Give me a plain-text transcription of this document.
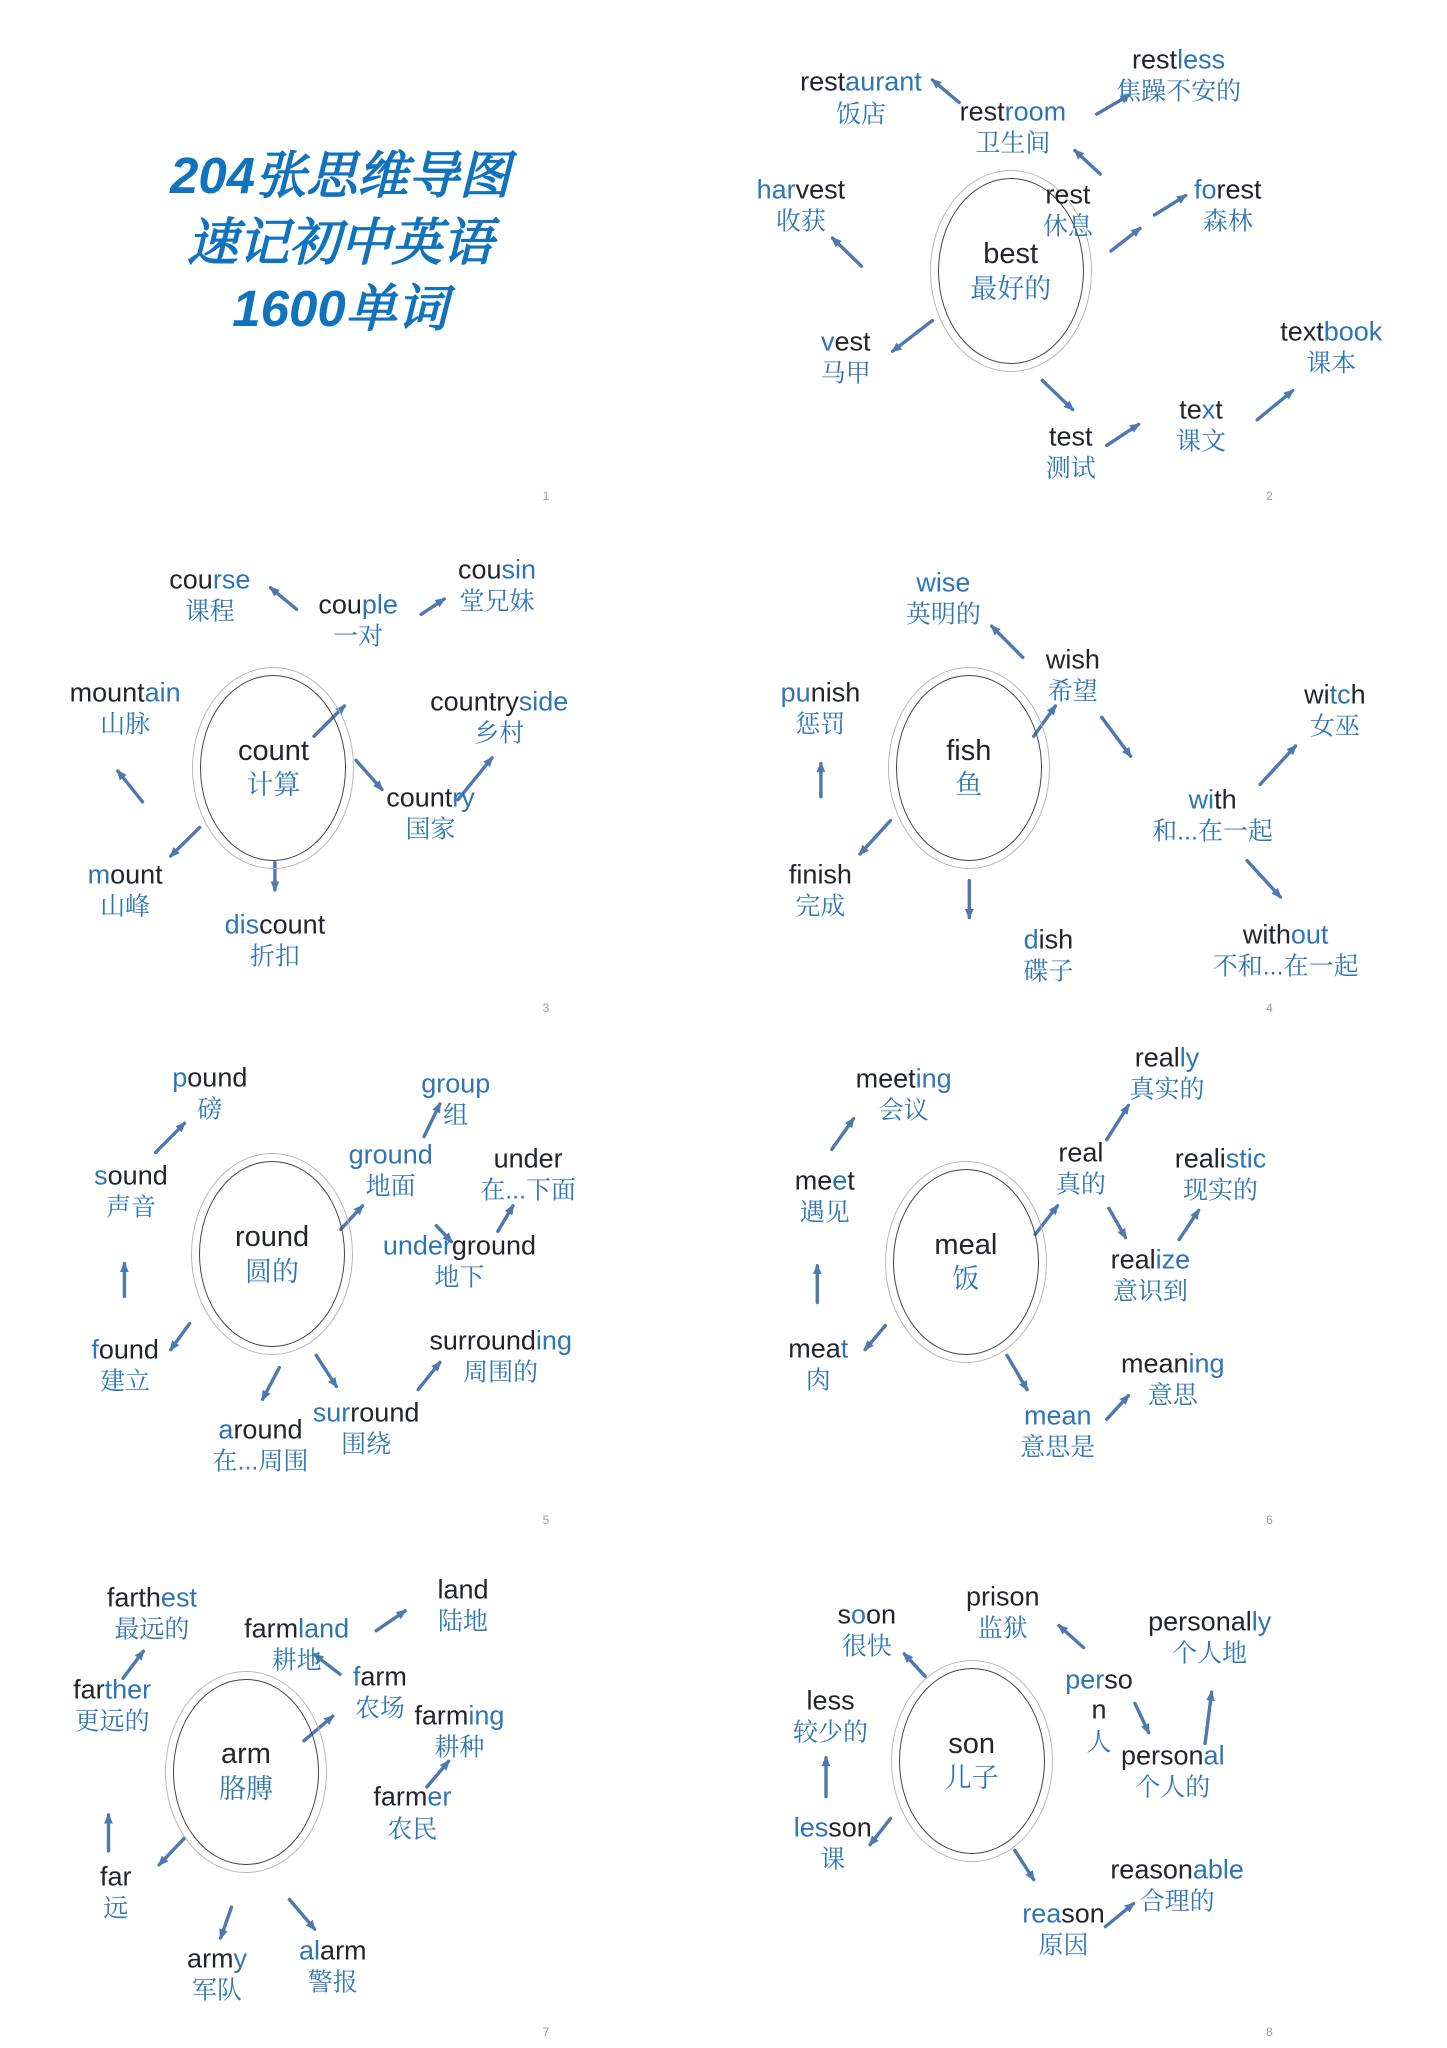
204张思维导图
速记初中英语
1600单词
1
best
最好的
restaurant
饭店	restroom
卫生间
restless
焦躁不安的
harvest
收获
rest
休息
forest
森林
vest
马甲
textbook
课本
text
课文
test
测试
2
count
计算
course
课程	couple
一对
cousin
堂兄妹
mountain
山脉
countryside
乡村
country
国家
mount
山峰
discount
折扣
3
fish
鱼
wise
英明的
wish
希望
punish
惩罚
witch
女巫
with
和...在一起
finish
完成
dish
碟子
without
不和...在一起
4
round
圆的
pound
磅
sound
声音
group
组
ground
地面
under
在...下面
underground
地下
found
建立
around
在...周围
surround
围绕
surrounding
周围的
5
meal
饭
meeting
会议
really
真实的
meet
遇见
real
真的
realistic
现实的
realize
意识到
meat
肉
mean
意思是
meaning
意思
6
arm
胳膊
farthest
最远的 farmland
耕地
land
陆地
farther
更远的
farm
农场 farming
耕种
farmer
农民
far
远
army
军队
alarm
警报
7
son
儿子
soon
很快
prison
监狱	personally
个人地
perso
n
人
less
较少的
personal
个人的
lesson
课
reason
原因
reasonable
合理的
8
